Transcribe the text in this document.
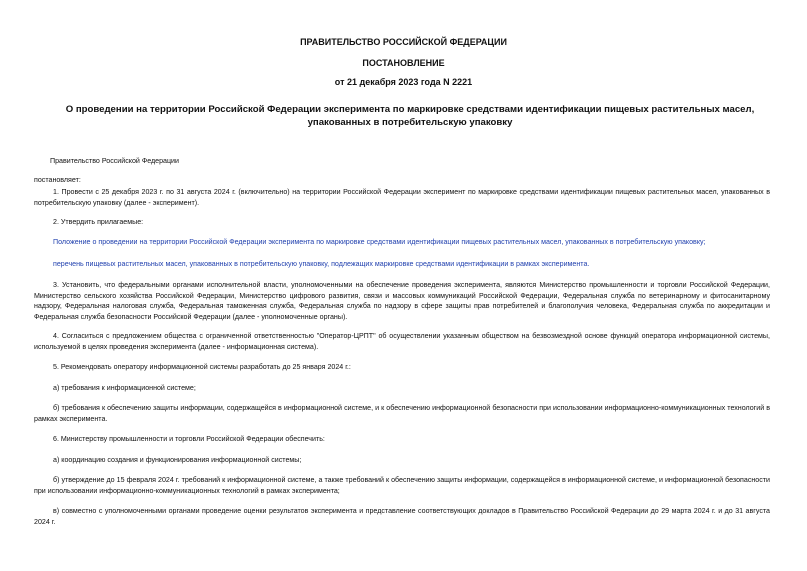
ПРАВИТЕЛЬСТВО РОССИЙСКОЙ ФЕДЕРАЦИИ
ПОСТАНОВЛЕНИЕ
от 21 декабря 2023 года N 2221
О проведении на территории Российской Федерации эксперимента по маркировке средствами идентификации пищевых растительных масел, упакованных в потребительскую упаковку
Правительство Российской Федерации
постановляет:
1. Провести с 25 декабря 2023 г. по 31 августа 2024 г. (включительно) на территории Российской Федерации эксперимент по маркировке средствами идентификации пищевых растительных масел, упакованных в потребительскую упаковку (далее - эксперимент).
2. Утвердить прилагаемые:
Положение о проведении на территории Российской Федерации эксперимента по маркировке средствами идентификации пищевых растительных масел, упакованных в потребительскую упаковку;
перечень пищевых растительных масел, упакованных в потребительскую упаковку, подлежащих маркировке средствами идентификации в рамках эксперимента.
3. Установить, что федеральными органами исполнительной власти, уполномоченными на обеспечение проведения эксперимента, являются Министерство промышленности и торговли Российской Федерации, Министерство сельского хозяйства Российской Федерации, Министерство цифрового развития, связи и массовых коммуникаций Российской Федерации, Федеральная служба по ветеринарному и фитосанитарному надзору, Федеральная налоговая служба, Федеральная таможенная служба, Федеральная служба по надзору в сфере защиты прав потребителей и благополучия человека, Федеральная служба по аккредитации и Федеральная служба безопасности Российской Федерации (далее - уполномоченные органы).
4. Согласиться с предложением общества с ограниченной ответственностью "Оператор-ЦРПТ" об осуществлении указанным обществом на безвозмездной основе функций оператора информационной системы, используемой в целях проведения эксперимента (далее - информационная система).
5. Рекомендовать оператору информационной системы разработать до 25 января 2024 г.:
а) требования к информационной системе;
б) требования к обеспечению защиты информации, содержащейся в информационной системе, и к обеспечению информационной безопасности при использовании информационно-коммуникационных технологий в рамках эксперимента.
6. Министерству промышленности и торговли Российской Федерации обеспечить:
а) координацию создания и функционирования информационной системы;
б) утверждение до 15 февраля 2024 г. требований к информационной системе, а также требований к обеспечению защиты информации, содержащейся в информационной системе, и информационной безопасности при использовании информационно-коммуникационных технологий в рамках эксперимента;
в) совместно с уполномоченными органами проведение оценки результатов эксперимента и представление соответствующих докладов в Правительство Российской Федерации до 29 марта 2024 г. и до 31 августа 2024 г.
